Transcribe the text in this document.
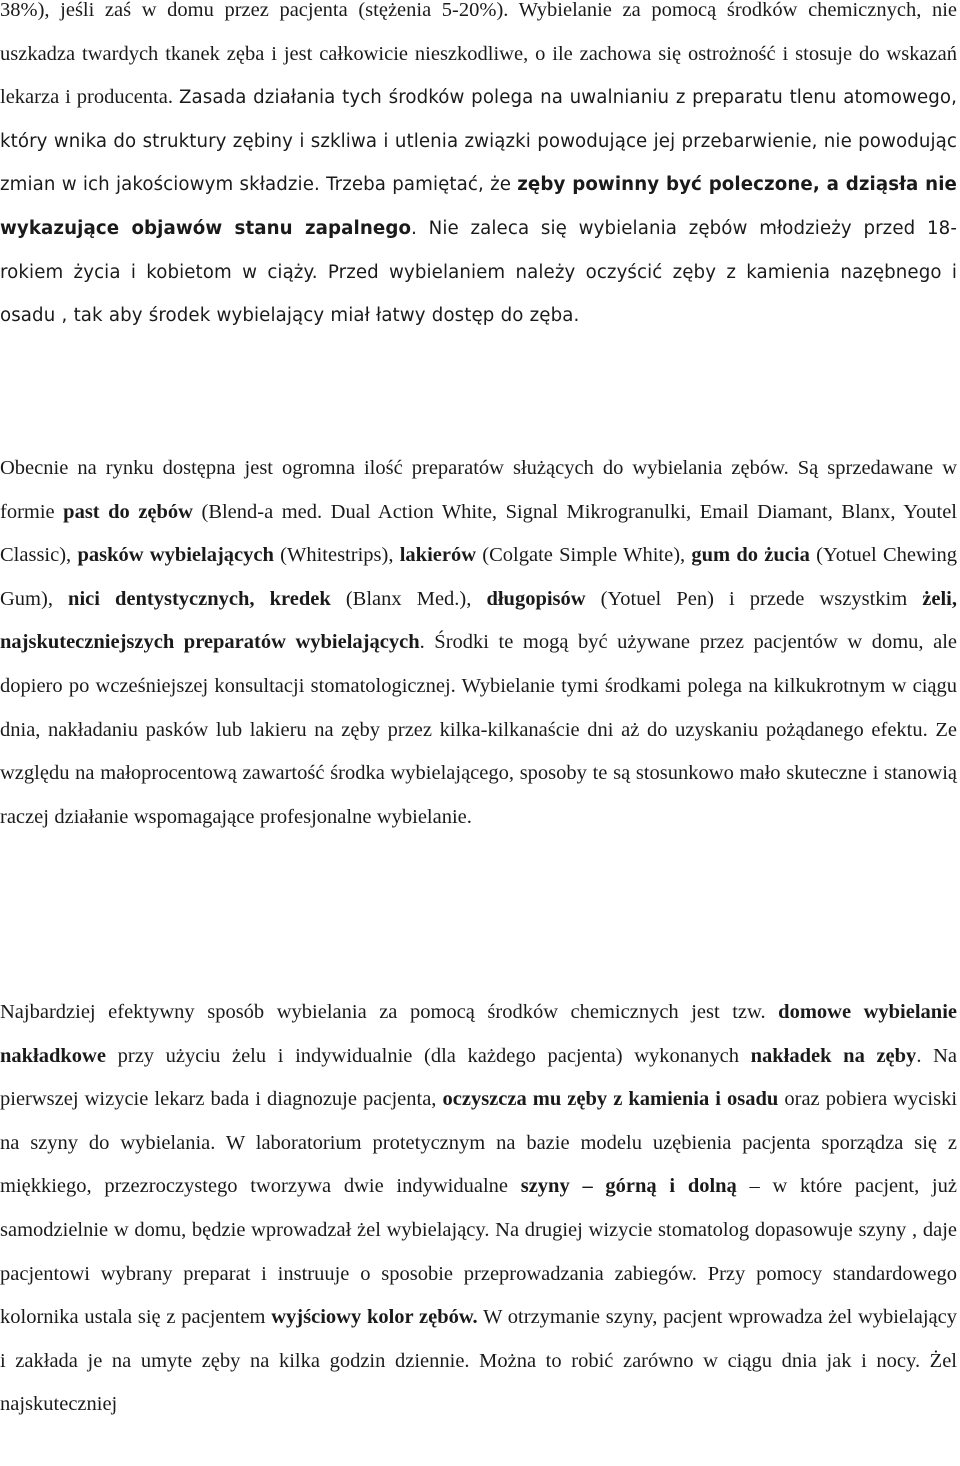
38%), jeśli zaś w domu przez pacjenta (stężenia 5-20%). Wybielanie za pomocą środków chemicznych, nie uszkadza twardych tkanek zęba i jest całkowicie nieszkodliwe, o ile zachowa się ostrożność i stosuje do wskazań lekarza i producenta. Zasada działania tych środków polega na uwalnianiu z preparatu tlenu atomowego, który wnika do struktury zębiny i szkliwa i utlenia związki powodujące jej przebarwienie, nie powodując zmian w ich jakościowym składzie. Trzeba pamiętać, że zęby powinny być poleczone, a dziąsła nie wykazujące objawów stanu zapalnego. Nie zaleca się wybielania zębów młodzieży przed 18-rokiem życia i kobietom w ciąży. Przed wybielaniem należy oczyścić zęby z kamienia nazębnego i osadu , tak aby środek wybielający miał łatwy dostęp do zęba.

Obecnie na rynku dostępna jest ogromna ilość preparatów służących do wybielania zębów. Są sprzedawane w formie past do zębów (Blend-a med. Dual Action White, Signal Mikrogranulki, Email Diamant, Blanx, Youtel Classic), pasków wybielających (Whitestrips), lakierów (Colgate Simple White), gum do żucia (Yotuel Chewing Gum), nici dentystycznych, kredek (Blanx Med.), długopisów (Yotuel Pen) i przede wszystkim żeli, najskuteczniejszych preparatów wybielających. Środki te mogą być używane przez pacjentów w domu, ale dopiero po wcześniejszej konsultacji stomatologicznej. Wybielanie tymi środkami polega na kilkukrotnym w ciągu dnia, nakładaniu pasków lub lakieru na zęby przez kilka-kilkanaście dni aż do uzyskaniu pożądanego efektu. Ze względu na małoprocentową zawartość środka wybielającego, sposoby te są stosunkowo mało skuteczne i stanowią raczej działanie wspomagające profesjonalne wybielanie.

Najbardziej efektywny sposób wybielania za pomocą środków chemicznych jest tzw. domowe wybielanie nakładkowe przy użyciu żelu i indywidualnie (dla każdego pacjenta) wykonanych nakładek na zęby. Na pierwszej wizycie lekarz bada i diagnozuje pacjenta, oczyszcza mu zęby z kamienia i osadu oraz pobiera wyciski na szyny do wybielania. W laboratorium protetycznym na bazie modelu uzębienia pacjenta sporządza się z miękkiego, przezroczystego tworzywa dwie indywidualne szyny – górną i dolną – w które pacjent, już samodzielnie w domu, będzie wprowadzał żel wybielający. Na drugiej wizycie stomatolog dopasowuje szyny , daje pacjentowi wybrany preparat i instruuje o sposobie przeprowadzania zabiegów. Przy pomocy standardowego kolornika ustala się z pacjentem wyjściowy kolor zębów. W otrzymanie szyny, pacjent wprowadza żel wybielający i zakłada je na umyte zęby na kilka godzin dziennie. Można to robić zarówno w ciągu dnia jak i nocy. Żel najskuteczniej
